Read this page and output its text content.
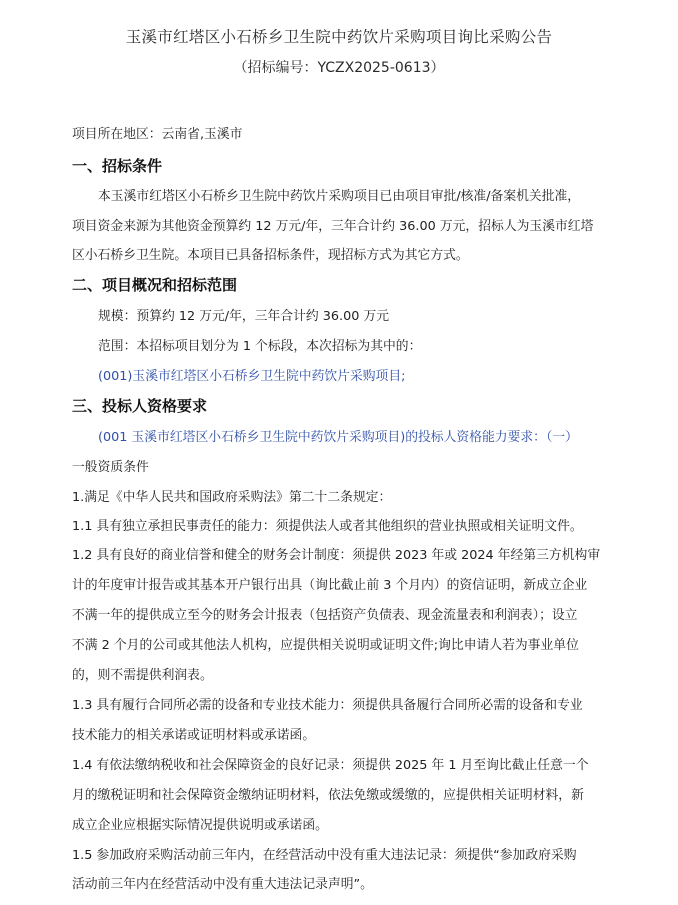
玉溪市红塔区小石桥乡卫生院中药饮片采购项目询比采购公告
（招标编号：YCZX2025-0613）
项目所在地区：云南省,玉溪市
一、招标条件
本玉溪市红塔区小石桥乡卫生院中药饮片采购项目已由项目审批/核准/备案机关批准，
项目资金来源为其他资金预算约 12 万元/年，三年合计约 36.00 万元，招标人为玉溪市红塔
区小石桥乡卫生院。本项目已具备招标条件，现招标方式为其它方式。
二、项目概况和招标范围
规模：预算约 12 万元/年，三年合计约 36.00 万元
范围：本招标项目划分为 1 个标段，本次招标为其中的：
(001)玉溪市红塔区小石桥乡卫生院中药饮片采购项目;
三、投标人资格要求
(001 玉溪市红塔区小石桥乡卫生院中药饮片采购项目)的投标人资格能力要求：（一）
一般资质条件
1.满足《中华人民共和国政府采购法》第二十二条规定：
1.1 具有独立承担民事责任的能力：须提供法人或者其他组织的营业执照或相关证明文件。
1.2 具有良好的商业信誉和健全的财务会计制度：须提供 2023 年或 2024 年经第三方机构审
计的年度审计报告或其基本开户银行出具（询比截止前 3 个月内）的资信证明，新成立企业
不满一年的提供成立至今的财务会计报表（包括资产负债表、现金流量表和利润表）；设立
不满 2 个月的公司或其他法人机构，应提供相关说明或证明文件;询比申请人若为事业单位
的，则不需提供利润表。
1.3 具有履行合同所必需的设备和专业技术能力：须提供具备履行合同所必需的设备和专业
技术能力的相关承诺或证明材料或承诺函。
1.4 有依法缴纳税收和社会保障资金的良好记录：须提供 2025 年 1 月至询比截止任意一个
月的缴税证明和社会保障资金缴纳证明材料，依法免缴或缓缴的，应提供相关证明材料，新
成立企业应根据实际情况提供说明或承诺函。
1.5 参加政府采购活动前三年内，在经营活动中没有重大违法记录：须提供“参加政府采购
活动前三年内在经营活动中没有重大违法记录声明”。
